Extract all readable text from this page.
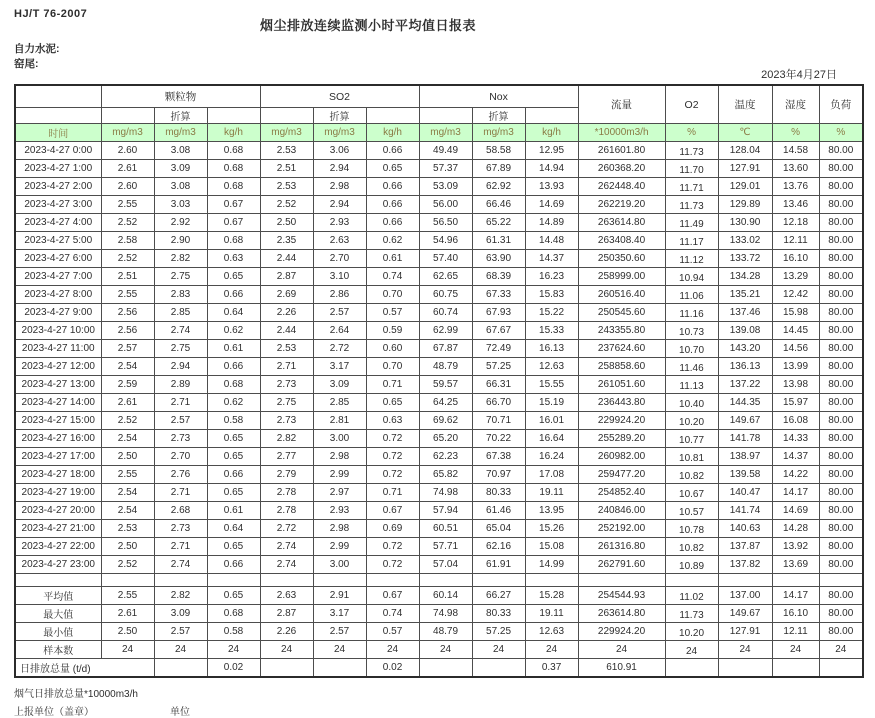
HJ/T 76-2007
烟尘排放连续监测小时平均值日报表
自力水泥:
窑尾:
2023年4月27日
	颗粒物			SO2			Nox			流量	O2	温度	湿度	负荷
		折算			折算			折算						
时间	mg/m3	mg/m3	kg/h	mg/m3	mg/m3	kg/h	mg/m3	mg/m3	kg/h	*10000m3/h	%	℃	%	%
2023-4-27 0:00	2.60	3.08	0.68	2.53	3.06	0.66	49.49	58.58	12.95	261601.80	11.73	128.04	14.58	80.00
2023-4-27 1:00	2.61	3.09	0.68	2.51	2.94	0.65	57.37	67.89	14.94	260368.20	11.70	127.91	13.60	80.00
2023-4-27 2:00	2.60	3.08	0.68	2.53	2.98	0.66	53.09	62.92	13.93	262448.40	11.71	129.01	13.76	80.00
2023-4-27 3:00	2.55	3.03	0.67	2.52	2.94	0.66	56.00	66.46	14.69	262219.20	11.73	129.89	13.46	80.00
2023-4-27 4:00	2.52	2.92	0.67	2.50	2.93	0.66	56.50	65.22	14.89	263614.80	11.49	130.90	12.18	80.00
2023-4-27 5:00	2.58	2.90	0.68	2.35	2.63	0.62	54.96	61.31	14.48	263408.40	11.17	133.02	12.11	80.00
2023-4-27 6:00	2.52	2.82	0.63	2.44	2.70	0.61	57.40	63.90	14.37	250350.60	11.12	133.72	16.10	80.00
2023-4-27 7:00	2.51	2.75	0.65	2.87	3.10	0.74	62.65	68.39	16.23	258999.00	10.94	134.28	13.29	80.00
2023-4-27 8:00	2.55	2.83	0.66	2.69	2.86	0.70	60.75	67.33	15.83	260516.40	11.06	135.21	12.42	80.00
2023-4-27 9:00	2.56	2.85	0.64	2.26	2.57	0.57	60.74	67.93	15.22	250545.60	11.16	137.46	15.98	80.00
2023-4-27 10:00	2.56	2.74	0.62	2.44	2.64	0.59	62.99	67.67	15.33	243355.80	10.73	139.08	14.45	80.00
2023-4-27 11:00	2.57	2.75	0.61	2.53	2.72	0.60	67.87	72.49	16.13	237624.60	10.70	143.20	14.56	80.00
2023-4-27 12:00	2.54	2.94	0.66	2.71	3.17	0.70	48.79	57.25	12.63	258858.60	11.46	136.13	13.99	80.00
2023-4-27 13:00	2.59	2.89	0.68	2.73	3.09	0.71	59.57	66.31	15.55	261051.60	11.13	137.22	13.98	80.00
2023-4-27 14:00	2.61	2.71	0.62	2.75	2.85	0.65	64.25	66.70	15.19	236443.80	10.40	144.35	15.97	80.00
2023-4-27 15:00	2.52	2.57	0.58	2.73	2.81	0.63	69.62	70.71	16.01	229924.20	10.20	149.67	16.08	80.00
2023-4-27 16:00	2.54	2.73	0.65	2.82	3.00	0.72	65.20	70.22	16.64	255289.20	10.77	141.78	14.33	80.00
2023-4-27 17:00	2.50	2.70	0.65	2.77	2.98	0.72	62.23	67.38	16.24	260982.00	10.81	138.97	14.37	80.00
2023-4-27 18:00	2.55	2.76	0.66	2.79	2.99	0.72	65.82	70.97	17.08	259477.20	10.82	139.58	14.22	80.00
2023-4-27 19:00	2.54	2.71	0.65	2.78	2.97	0.71	74.98	80.33	19.11	254852.40	10.67	140.47	14.17	80.00
2023-4-27 20:00	2.54	2.68	0.61	2.78	2.93	0.67	57.94	61.46	13.95	240846.00	10.57	141.74	14.69	80.00
2023-4-27 21:00	2.53	2.73	0.64	2.72	2.98	0.69	60.51	65.04	15.26	252192.00	10.78	140.63	14.28	80.00
2023-4-27 22:00	2.50	2.71	0.65	2.74	2.99	0.72	57.71	62.16	15.08	261316.80	10.82	137.87	13.92	80.00
2023-4-27 23:00	2.52	2.74	0.66	2.74	3.00	0.72	57.04	61.91	14.99	262791.60	10.89	137.82	13.69	80.00

平均值	2.55	2.82	0.65	2.63	2.91	0.67	60.14	66.27	15.28	254544.93	11.02	137.00	14.17	80.00
最大值	2.61	3.09	0.68	2.87	3.17	0.74	74.98	80.33	19.11	263614.80	11.73	149.67	16.10	80.00
最小值	2.50	2.57	0.58	2.26	2.57	0.57	48.79	57.25	12.63	229924.20	10.20	127.91	12.11	80.00
样本数	24	24	24	24	24	24	24	24	24	24	24	24	24	24
日排放总量 (t/d)			0.02			0.02			0.37	610.91				
烟气日排放总量*10000m3/h
上报单位（盖章）	单位
